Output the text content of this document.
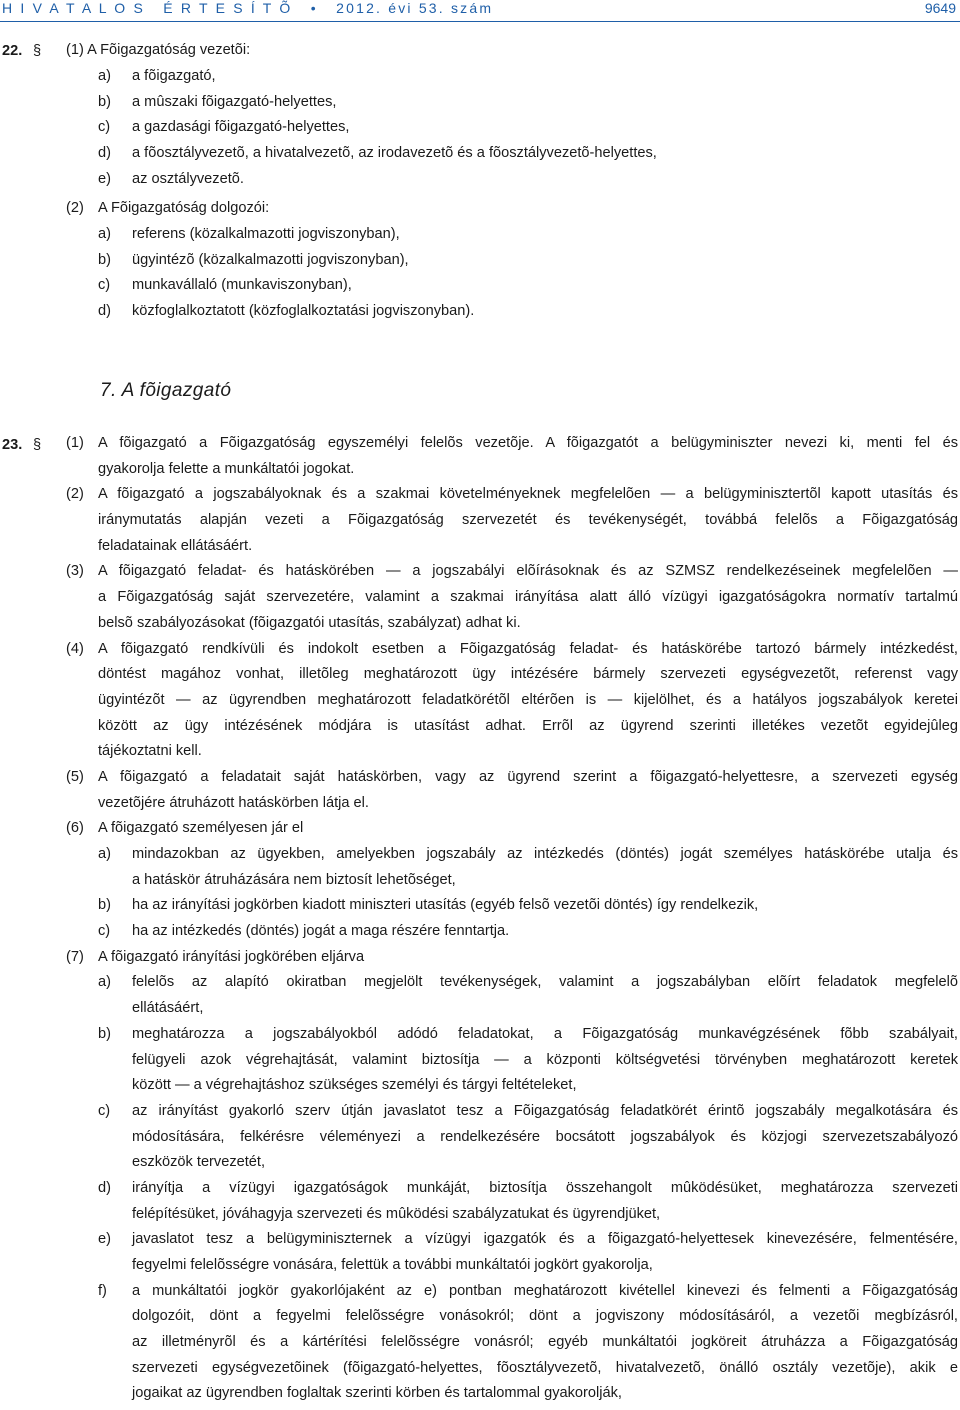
H I V A T A L O S   É R T E S Í T Õ   •   2012. évi 53. szám	9649
22. § (1) A Fõigazgatóság vezetõi:
a) a fõigazgató,
b) a mûszaki fõigazgató-helyettes,
c) a gazdasági fõigazgató-helyettes,
d) a fõosztályvezetõ, a hivatalvezetõ, az irodavezetõ és a fõosztályvezetõ-helyettes,
e) az osztályvezetõ.
(2) A Fõigazgatóság dolgozói:
a) referens (közalkalmazotti jogviszonyban),
b) ügyintézõ (közalkalmazotti jogviszonyban),
c) munkavállaló (munkaviszonyban),
d) közfoglalkoztatott (közfoglalkoztatási jogviszonyban).
7. A fõigazgató
23. § (1) A fõigazgató a Fõigazgatóság egyszemélyi felelõs vezetõje. A fõigazgatót a belügyminiszter nevezi ki, menti fel és
gyakorolja felette a munkáltatói jogokat.
(2) A fõigazgató a jogszabályoknak és a szakmai követelményeknek megfelelõen — a belügyminisztertõl kapott utasítás és
iránymutatás alapján vezeti a Fõigazgatóság szervezetét és tevékenységét, továbbá felelõs a Fõigazgatóság
feladatainak ellátásáért.
(3) A fõigazgató feladat- és hatáskörében — a jogszabályi elõírásoknak és az SZMSZ rendelkezéseinek megfelelõen —
a Fõigazgatóság saját szervezetére, valamint a szakmai irányítása alatt álló vízügyi igazgatóságokra normatív tartalmú
belsõ szabályozásokat (fõigazgatói utasítás, szabályzat) adhat ki.
(4) A fõigazgató rendkívüli és indokolt esetben a Fõigazgatóság feladat- és hatáskörébe tartozó bármely intézkedést,
döntést magához vonhat, illetõleg meghatározott ügy intézésére bármely szervezeti egységvezetõt, referenst vagy
ügyintézõt — az ügyrendben meghatározott feladatkörétõl eltérõen is — kijelölhet, és a hatályos jogszabályok keretei
között az ügy intézésének módjára is utasítást adhat. Errõl az ügyrend szerinti illetékes vezetõt egyidejûleg
tájékoztatni kell.
(5) A fõigazgató a feladatait saját hatáskörben, vagy az ügyrend szerint a fõigazgató-helyettesre, a szervezeti egység
vezetõjére átruházott hatáskörben látja el.
(6) A fõigazgató személyesen jár el
a) mindazokban az ügyekben, amelyekben jogszabály az intézkedés (döntés) jogát személyes hatáskörébe utalja és
a hatáskör átruházására nem biztosít lehetõséget,
b) ha az irányítási jogkörben kiadott miniszteri utasítás (egyéb felsõ vezetõi döntés) így rendelkezik,
c) ha az intézkedés (döntés) jogát a maga részére fenntartja.
(7) A fõigazgató irányítási jogkörében eljárva
a) felelõs az alapító okiratban megjelölt tevékenységek, valamint a jogszabályban elõírt feladatok megfelelõ
ellátásáért,
b) meghatározza a jogszabályokból adódó feladatokat, a Fõigazgatóság munkavégzésének fõbb szabályait,
felügyeli azok végrehajtását, valamint biztosítja — a központi költségvetési törvényben meghatározott keretek
között — a végrehajtáshoz szükséges személyi és tárgyi feltételeket,
c) az irányítást gyakorló szerv útján javaslatot tesz a Fõigazgatóság feladatkörét érintõ jogszabály megalkotására és
módosítására, felkérésre véleményezi a rendelkezésére bocsátott jogszabályok és közjogi szervezetszabályozó
eszközök tervezetét,
d) irányítja a vízügyi igazgatóságok munkáját, biztosítja összehangolt mûködésüket, meghatározza szervezeti
felépítésüket, jóváhagyja szervezeti és mûködési szabályzatukat és ügyrendjüket,
e) javaslatot tesz a belügyminiszternek a vízügyi igazgatók és a fõigazgató-helyettesek kinevezésére, felmentésére,
fegyelmi felelõsségre vonására, felettük a további munkáltatói jogkört gyakorolja,
f) a munkáltatói jogkör gyakorlójaként az e) pontban meghatározott kivétellel kinevezi és felmenti a Fõigazgatóság
dolgozóit, dönt a fegyelmi felelõsségre vonásokról; dönt a jogviszony módosításáról, a vezetõi megbízásról,
az illetményrõl és a kártérítési felelõsségre vonásról; egyéb munkáltatói jogköreit átruházza a Fõigazgatóság
szervezeti egységvezetõinek (fõigazgató-helyettes, fõosztályvezetõ, hivatalvezetõ, önálló osztály vezetõje), akik e
jogaikat az ügyrendben foglaltak szerinti körben és tartalommal gyakorolják,
